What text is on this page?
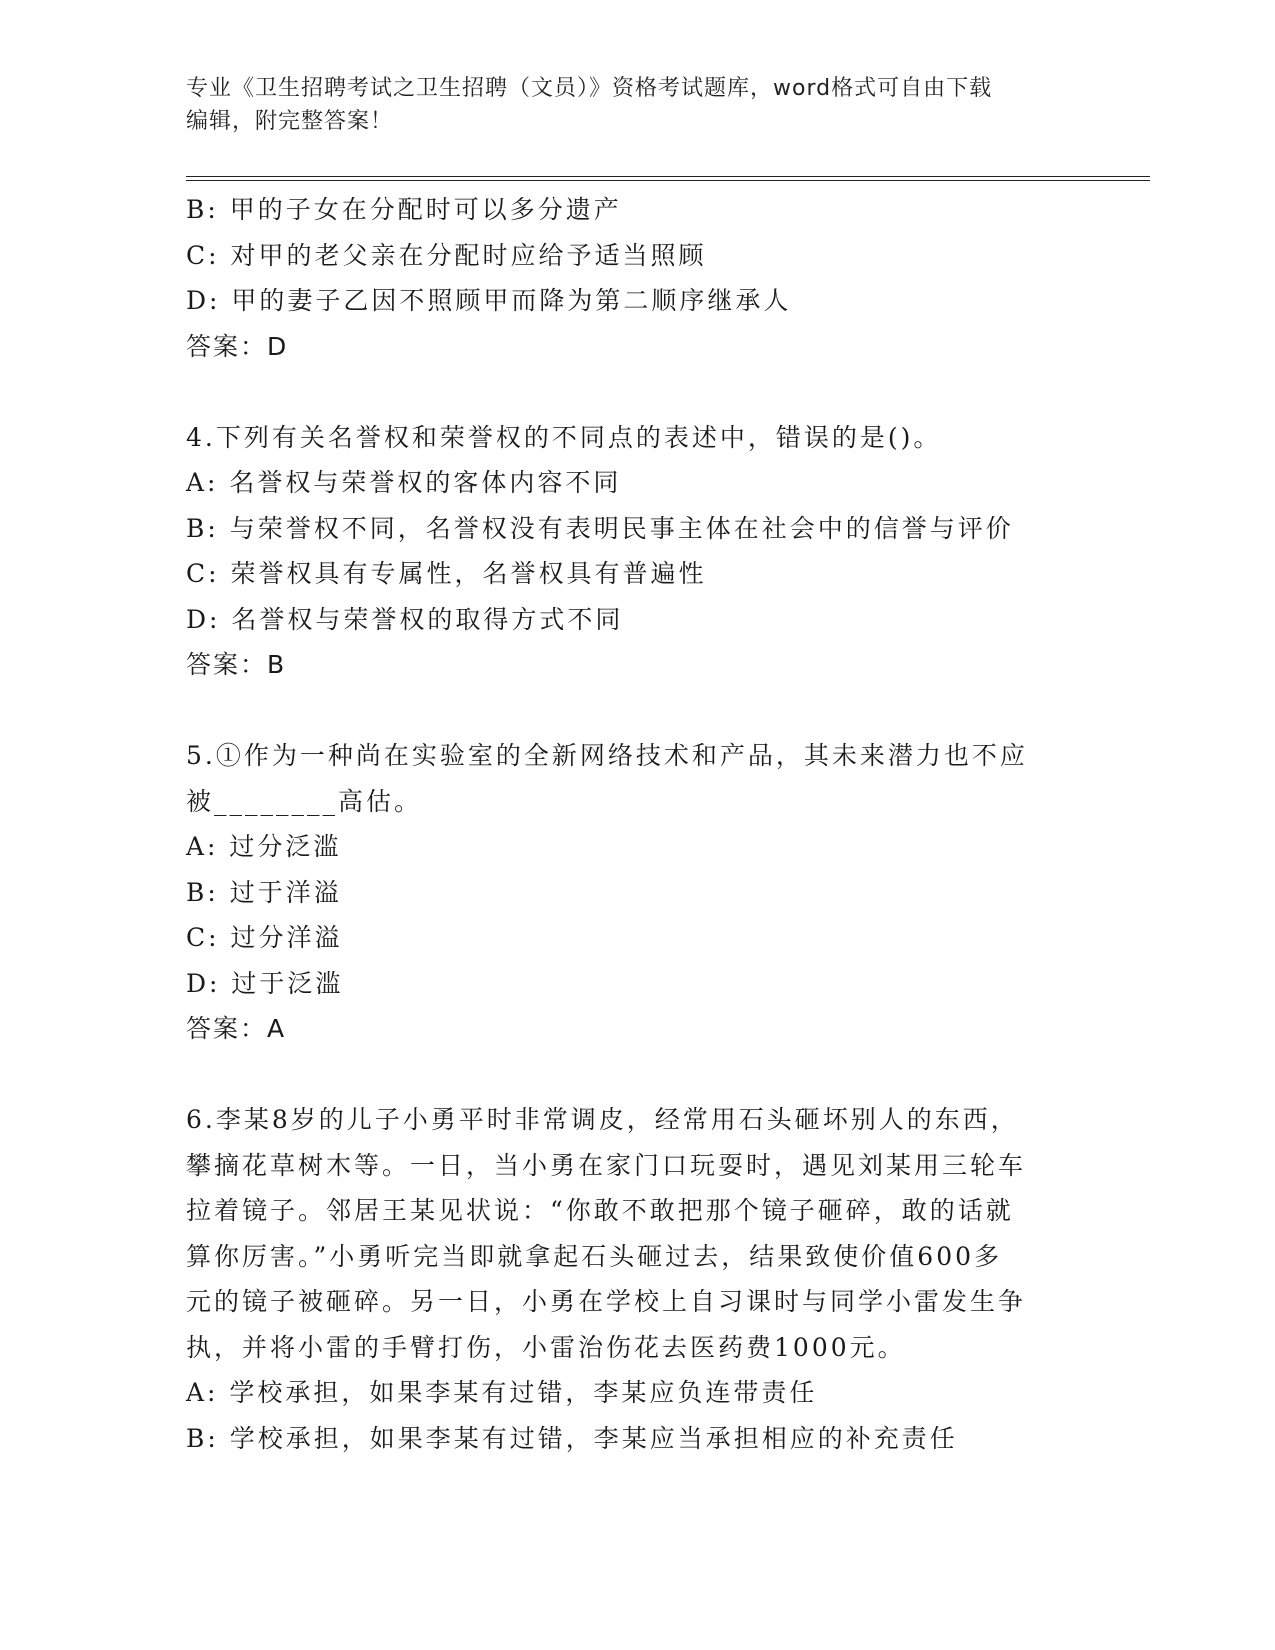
专业《卫生招聘考试之卫生招聘（文员）》资格考试题库，word格式可自由下载
编辑，附完整答案！
B: 甲的子女在分配时可以多分遗产
C: 对甲的老父亲在分配时应给予适当照顾
D: 甲的妻子乙因不照顾甲而降为第二顺序继承人
答案：D
4.下列有关名誉权和荣誉权的不同点的表述中，错误的是()。
A: 名誉权与荣誉权的客体内容不同
B: 与荣誉权不同，名誉权没有表明民事主体在社会中的信誉与评价
C: 荣誉权具有专属性，名誉权具有普遍性
D: 名誉权与荣誉权的取得方式不同
答案：B
5.①作为一种尚在实验室的全新网络技术和产品，其未来潜力也不应
被________高估。
A: 过分泛滥
B: 过于洋溢
C: 过分洋溢
D: 过于泛滥
答案：A
6.李某8岁的儿子小勇平时非常调皮，经常用石头砸坏别人的东西，
攀摘花草树木等。一日，当小勇在家门口玩耍时，遇见刘某用三轮车
拉着镜子。邻居王某见状说：“你敢不敢把那个镜子砸碎，敢的话就
算你厉害。”小勇听完当即就拿起石头砸过去，结果致使价值600多
元的镜子被砸碎。另一日，小勇在学校上自习课时与同学小雷发生争
执，并将小雷的手臂打伤，小雷治伤花去医药费1000元。
A: 学校承担，如果李某有过错，李某应负连带责任
B: 学校承担，如果李某有过错，李某应当承担相应的补充责任
